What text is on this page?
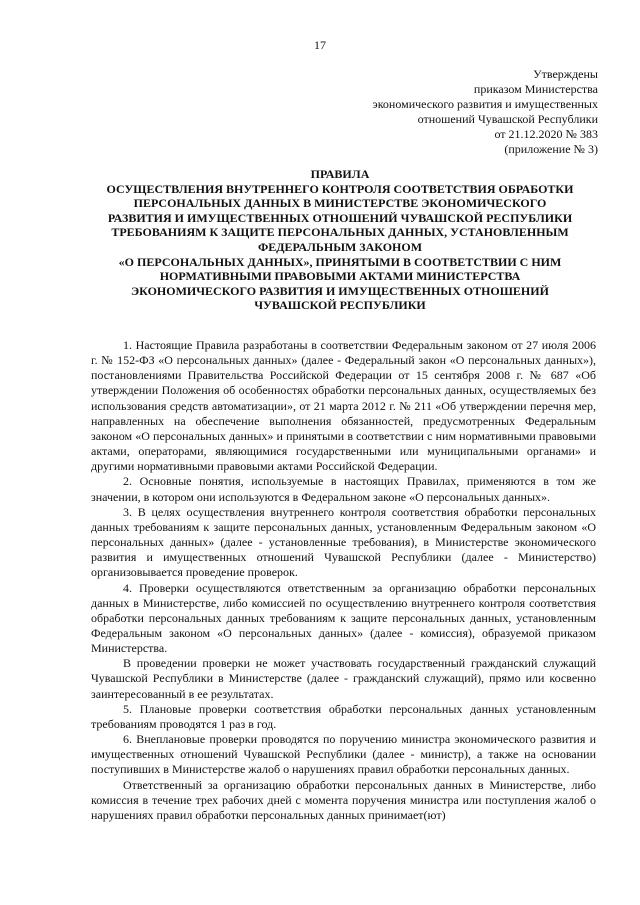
17
Утверждены
приказом Министерства
экономического развития и имущественных
отношений Чувашской Республики
от 21.12.2020 № 383
(приложение № 3)
ПРАВИЛА
ОСУЩЕСТВЛЕНИЯ ВНУТРЕННЕГО КОНТРОЛЯ СООТВЕТСТВИЯ ОБРАБОТКИ
ПЕРСОНАЛЬНЫХ ДАННЫХ В МИНИСТЕРСТВЕ ЭКОНОМИЧЕСКОГО
РАЗВИТИЯ И ИМУЩЕСТВЕННЫХ ОТНОШЕНИЙ ЧУВАШСКОЙ РЕСПУБЛИКИ
ТРЕБОВАНИЯМ К ЗАЩИТЕ ПЕРСОНАЛЬНЫХ ДАННЫХ, УСТАНОВЛЕННЫМ
ФЕДЕРАЛЬНЫМ ЗАКОНОМ
«О ПЕРСОНАЛЬНЫХ ДАННЫХ», ПРИНЯТЫМИ В СООТВЕТСТВИИ С НИМ
НОРМАТИВНЫМИ ПРАВОВЫМИ АКТАМИ МИНИСТЕРСТВА
ЭКОНОМИЧЕСКОГО РАЗВИТИЯ И ИМУЩЕСТВЕННЫХ ОТНОШЕНИЙ
ЧУВАШСКОЙ РЕСПУБЛИКИ

1. Настоящие Правила разработаны в соответствии Федеральным законом от 27 июля 2006 г. № 152-ФЗ «О персональных данных» (далее - Федеральный закон «О персональных данных»), постановлениями Правительства Российской Федерации от 15 сентября 2008 г. № 687 «Об утверждении Положения об особенностях обработки персональных данных, осуществляемых без использования средств автоматизации», от 21 марта 2012 г. № 211 «Об утверждении перечня мер, направленных на обеспечение выполнения обязанностей, предусмотренных Федеральным законом «О персональных данных» и принятыми в соответствии с ним нормативными правовыми актами, операторами, являющимися государственными или муниципальными органами» и другими нормативными правовыми актами Российской Федерации.

2. Основные понятия, используемые в настоящих Правилах, применяются в том же значении, в котором они используются в Федеральном законе «О персональных данных».

3. В целях осуществления внутреннего контроля соответствия обработки персональных данных требованиям к защите персональных данных, установленным Федеральным законом «О персональных данных» (далее - установленные требования), в Министерстве экономического развития и имущественных отношений Чувашской Республики (далее - Министерство) организовывается проведение проверок.

4. Проверки осуществляются ответственным за организацию обработки персональных данных в Министерстве, либо комиссией по осуществлению внутреннего контроля соответствия обработки персональных данных требованиям к защите персональных данных, установленным Федеральным законом «О персональных данных» (далее - комиссия), образуемой приказом Министерства.

В проведении проверки не может участвовать государственный гражданский служащий Чувашской Республики в Министерстве (далее - гражданский служащий), прямо или косвенно заинтересованный в ее результатах.

5. Плановые проверки соответствия обработки персональных данных установленным требованиям проводятся 1 раз в год.

6. Внеплановые проверки проводятся по поручению министра экономического развития и имущественных отношений Чувашской Республики (далее - министр), а также на основании поступивших в Министерстве жалоб о нарушениях правил обработки персональных данных.

Ответственный за организацию обработки персональных данных в Министерстве, либо комиссия в течение трех рабочих дней с момента поручения министра или поступления жалоб о нарушениях правил обработки персональных данных принимает(ют)
